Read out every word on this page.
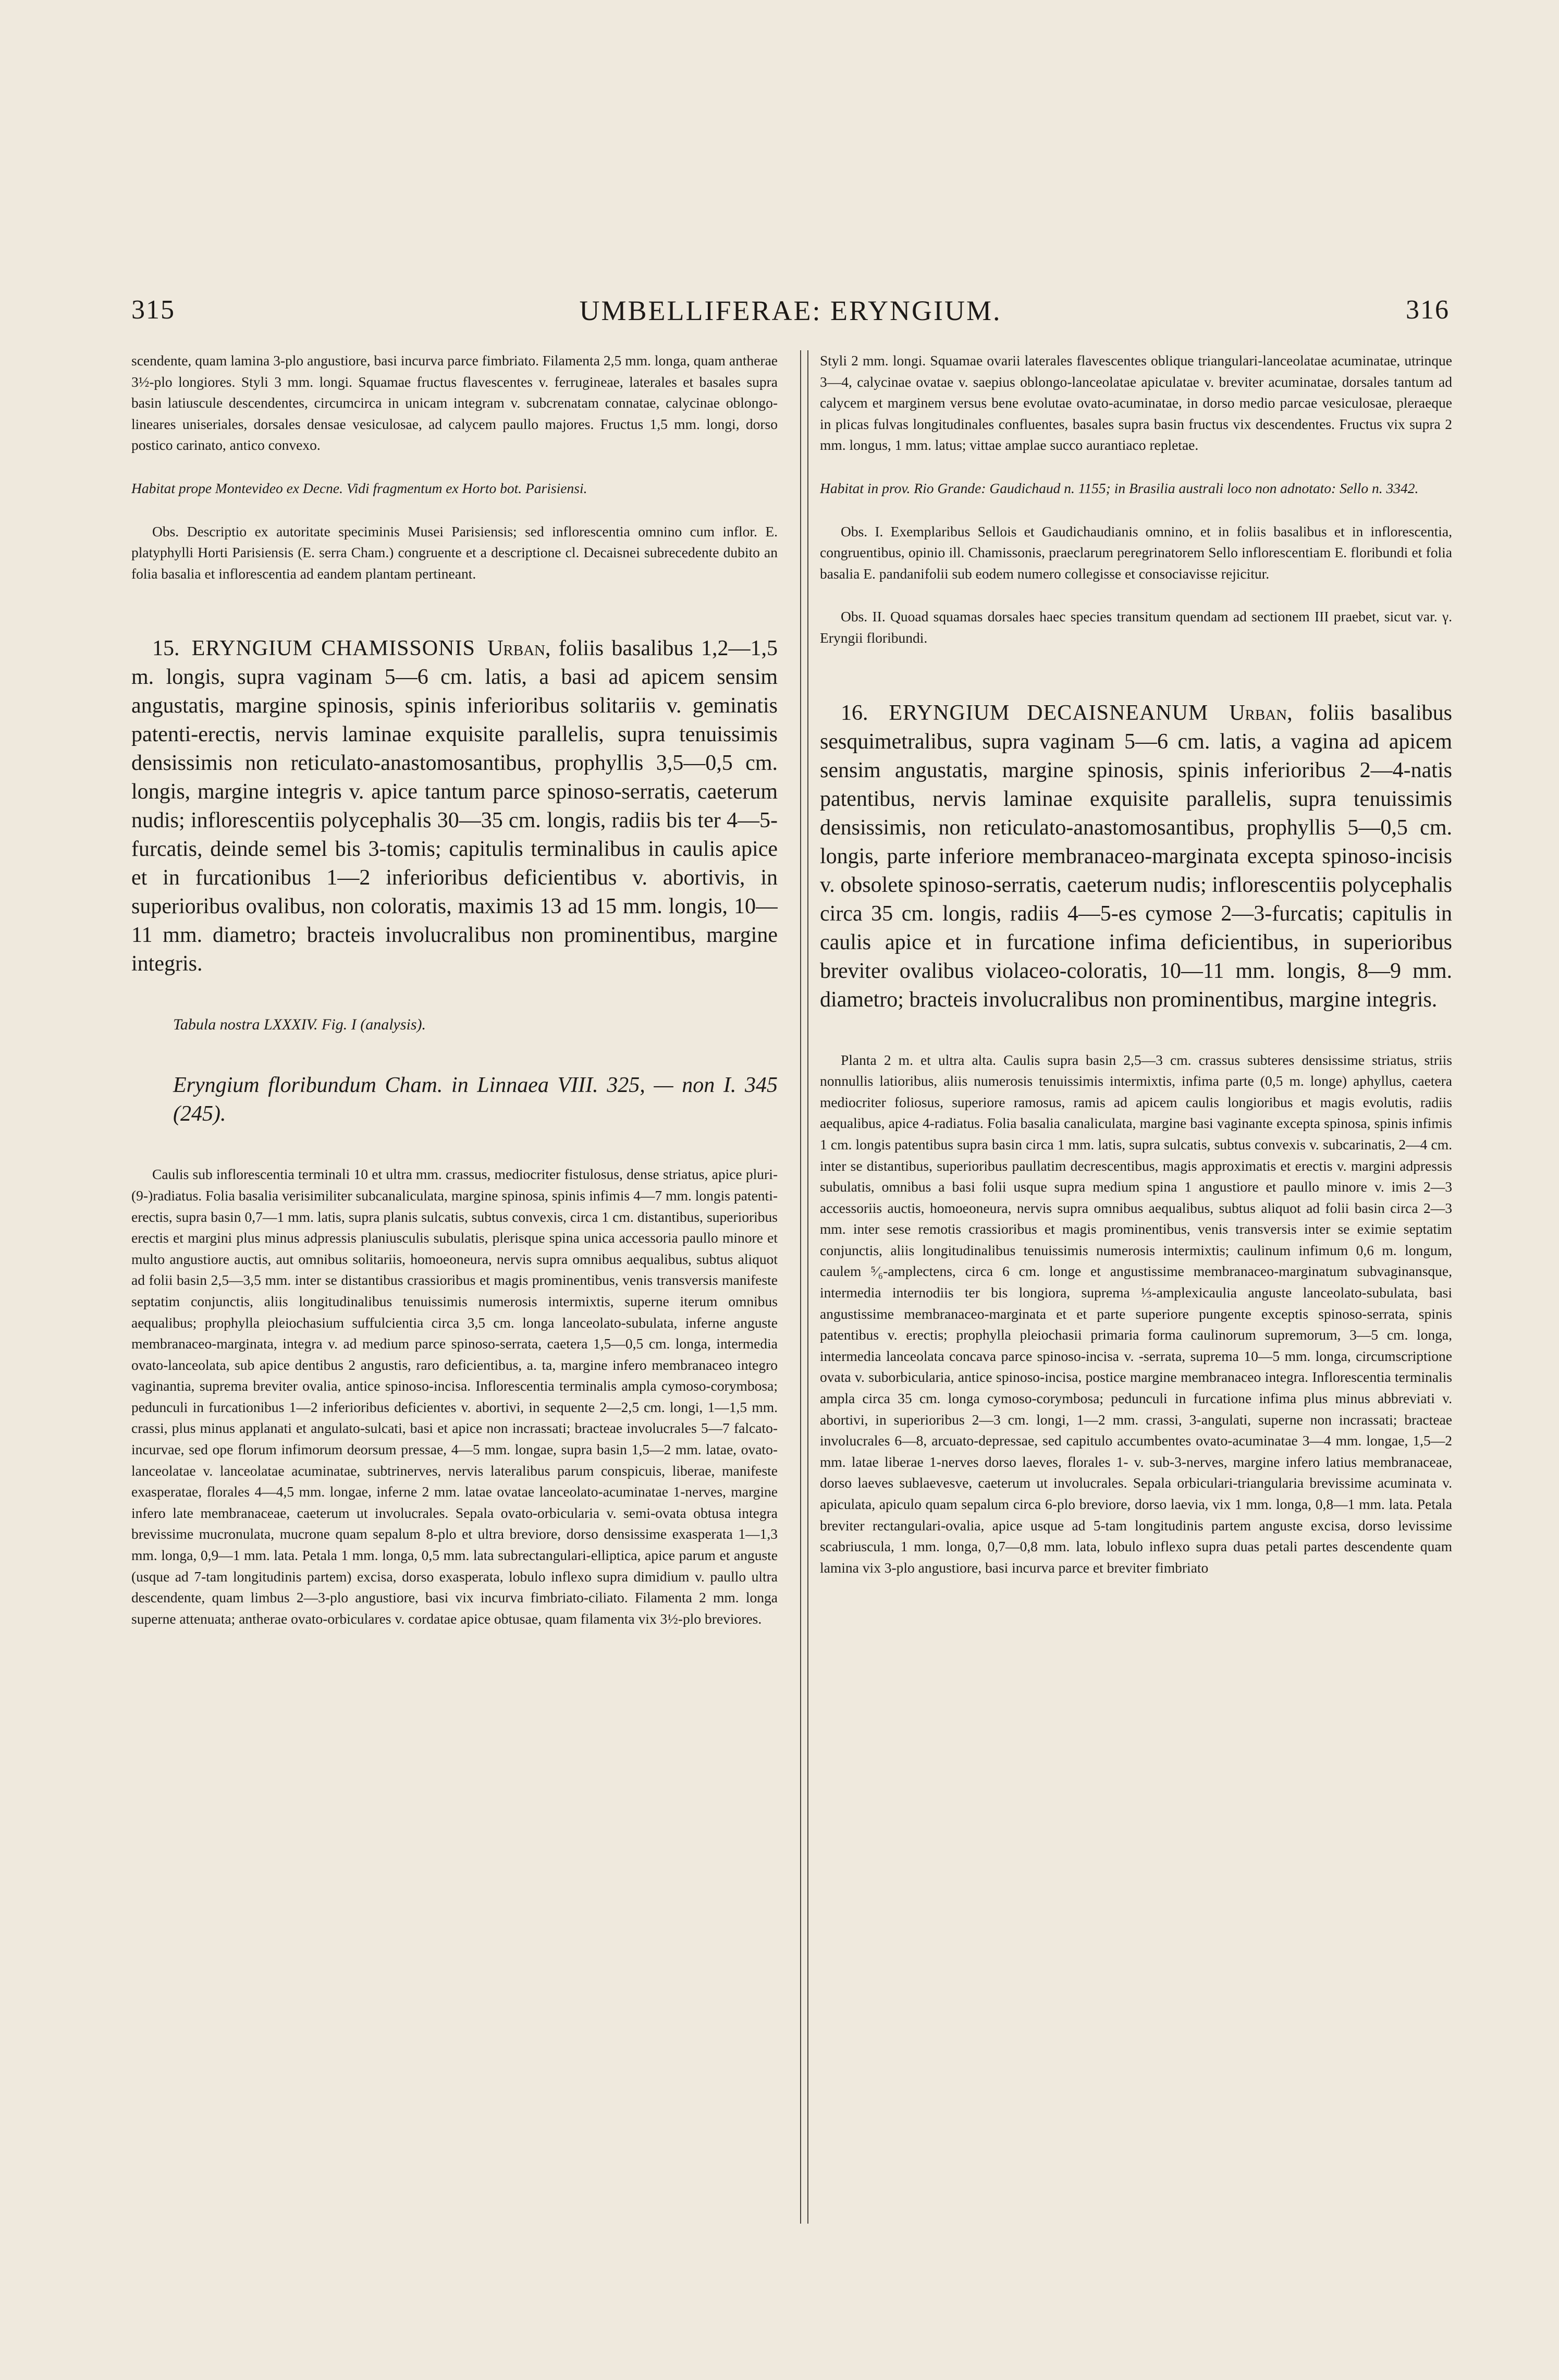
315	UMBELLIFERAE: ERYNGIUM.	316

scendente, quam lamina 3-plo angustiore, basi incurva parce fimbriato. Filamenta 2,5 mm. longa, quam antherae 3½-plo longiores. Styli 3 mm. longi. Squamae fructus flavescentes v. ferrugineae, laterales et basales supra basin latiuscule descendentes, circumcirca in unicam integram v. subcrenatam connatae, calycinae oblongo-lineares uniseriales, dorsales densae vesiculosae, ad calycem paullo majores. Fructus 1,5 mm. longi, dorso postico carinato, antico convexo.

Habitat prope Montevideo ex Decne. Vidi fragmentum ex Horto bot. Parisiensi.

Obs. Descriptio ex autoritate speciminis Musei Parisiensis; sed inflorescentia omnino cum inflor. E. platyphylli Horti Parisiensis (E. serra Cham.) congruente et a descriptione cl. Decaisnei subrecedente dubito an folia basalia et inflorescentia ad eandem plantam pertineant.

15. ERYNGIUM CHAMISSONIS Urban, foliis basalibus 1,2—1,5 m. longis, supra vaginam 5—6 cm. latis, a basi ad apicem sensim angustatis, margine spinosis, spinis inferioribus solitariis v. geminatis patenti-erectis, nervis laminae exquisite parallelis, supra tenuissimis densissimis non reticulato-anastomosantibus, prophyllis 3,5—0,5 cm. longis, margine integris v. apice tantum parce spinoso-serratis, caeterum nudis; inflorescentiis polycephalis 30—35 cm. longis, radiis bis ter 4—5-furcatis, deinde semel bis 3-tomis; capitulis terminalibus in caulis apice et in furcationibus 1—2 inferioribus deficientibus v. abortivis, in superioribus ovalibus, non coloratis, maximis 13 ad 15 mm. longis, 10—11 mm. diametro; bracteis involucralibus non prominentibus, margine integris.

Tabula nostra LXXXIV. Fig. I (analysis).

Eryngium floribundum Cham. in Linnaea VIII. 325, — non I. 345 (245).

Caulis sub inflorescentia terminali 10 et ultra mm. crassus, mediocriter fistulosus, dense striatus, apice pluri-(9-)radiatus. Folia basalia verisimiliter subcanaliculata, margine spinosa, spinis infimis 4—7 mm. longis patenti-erectis, supra basin 0,7—1 mm. latis, supra planis sulcatis, subtus convexis, circa 1 cm. distantibus, superioribus erectis et margini plus minus adpressis planiusculis subulatis, plerisque spina unica accessoria paullo minore et multo angustiore auctis, aut omnibus solitariis, homoeoneura, nervis supra omnibus aequalibus, subtus aliquot ad folii basin 2,5—3,5 mm. inter se distantibus crassioribus et magis prominentibus, venis transversis manifeste septatim conjunctis, aliis longitudinalibus tenuissimis numerosis intermixtis, superne iterum omnibus aequalibus; prophylla pleiochasium suffulcientia circa 3,5 cm. longa lanceolato-subulata, inferne anguste membranaceo-marginata, integra v. ad medium parce spinoso-serrata, caetera 1,5—0,5 cm. longa, intermedia ovato-lanceolata, sub apice dentibus 2 angustis, raro deficientibus, a. ta, margine infero membranaceo integro vaginantia, suprema breviter ovalia, antice spinoso-incisa. Inflorescentia terminalis ampla cymoso-corymbosa; pedunculi in furcationibus 1—2 inferioribus deficientes v. abortivi, in sequente 2—2,5 cm. longi, 1—1,5 mm. crassi, plus minus applanati et angulato-sulcati, basi et apice non incrassati; bracteae involucrales 5—7 falcato-incurvae, sed ope florum infimorum deorsum pressae, 4—5 mm. longae, supra basin 1,5—2 mm. latae, ovato-lanceolatae v. lanceolatae acuminatae, subtrinerves, nervis lateralibus parum conspicuis, liberae, manifeste exasperatae, florales 4—4,5 mm. longae, inferne 2 mm. latae ovatae lanceolato-acuminatae 1-nerves, margine infero late membranaceae, caeterum ut involucrales. Sepala ovato-orbicularia v. semi-ovata obtusa integra brevissime mucronulata, mucrone quam sepalum 8-plo et ultra breviore, dorso densissime exasperata 1—1,3 mm. longa, 0,9—1 mm. lata. Petala 1 mm. longa, 0,5 mm. lata subrectangulari-elliptica, apice parum et anguste (usque ad 7-tam longitudinis partem) excisa, dorso exasperata, lobulo inflexo supra dimidium v. paullo ultra descendente, quam limbus 2—3-plo angustiore, basi vix incurva fimbriato-ciliato. Filamenta 2 mm. longa superne attenuata; antherae ovato-orbiculares v. cordatae apice obtusae, quam filamenta vix 3½-plo breviores.

Styli 2 mm. longi. Squamae ovarii laterales flavescentes oblique triangulari-lanceolatae acuminatae, utrinque 3—4, calycinae ovatae v. saepius oblongo-lanceolatae apiculatae v. breviter acuminatae, dorsales tantum ad calycem et marginem versus bene evolutae ovato-acuminatae, in dorso medio parcae vesiculosae, pleraeque in plicas fulvas longitudinales confluentes, basales supra basin fructus vix descendentes. Fructus vix supra 2 mm. longus, 1 mm. latus; vittae amplae succo aurantiaco repletae.

Habitat in prov. Rio Grande: Gaudichaud n. 1155; in Brasilia australi loco non adnotato: Sello n. 3342.

Obs. I. Exemplaribus Sellois et Gaudichaudianis omnino, et in foliis basalibus et in inflorescentia, congruentibus, opinio ill. Chamissonis, praeclarum peregrinatorem Sello inflorescentiam E. floribundi et folia basalia E. pandanifolii sub eodem numero collegisse et consociavisse rejicitur.

Obs. II. Quoad squamas dorsales haec species transitum quendam ad sectionem III praebet, sicut var. γ. Eryngii floribundi.

16. ERYNGIUM DECAISNEANUM Urban, foliis basalibus sesquimetralibus, supra vaginam 5—6 cm. latis, a vagina ad apicem sensim angustatis, margine spinosis, spinis inferioribus 2—4-natis patentibus, nervis laminae exquisite parallelis, supra tenuissimis densissimis, non reticulato-anastomosantibus, prophyllis 5—0,5 cm. longis, parte inferiore membranaceo-marginata excepta spinoso-incisis v. obsolete spinoso-serratis, caeterum nudis; inflorescentiis polycephalis circa 35 cm. longis, radiis 4—5-es cymose 2—3-furcatis; capitulis in caulis apice et in furcatione infima deficientibus, in superioribus breviter ovalibus violaceo-coloratis, 10—11 mm. longis, 8—9 mm. diametro; bracteis involucralibus non prominentibus, margine integris.

Planta 2 m. et ultra alta. Caulis supra basin 2,5—3 cm. crassus subteres densissime striatus, striis nonnullis latioribus, aliis numerosis tenuissimis intermixtis, infima parte (0,5 m. longe) aphyllus, caetera mediocriter foliosus, superiore ramosus, ramis ad apicem caulis longioribus et magis evolutis, radiis aequalibus, apice 4-radiatus. Folia basalia canaliculata, margine basi vaginante excepta spinosa, spinis infimis 1 cm. longis patentibus supra basin circa 1 mm. latis, supra sulcatis, subtus convexis v. subcarinatis, 2—4 cm. inter se distantibus, superioribus paullatim decrescentibus, magis approximatis et erectis v. margini adpressis subulatis, omnibus a basi folii usque supra medium spina 1 angustiore et paullo minore v. imis 2—3 accessoriis auctis, homoeoneura, nervis supra omnibus aequalibus, subtus aliquot ad folii basin circa 2—3 mm. inter sese remotis crassioribus et magis prominentibus, venis transversis inter se eximie septatim conjunctis, aliis longitudinalibus tenuissimis numerosis intermixtis; caulinum infimum 0,6 m. longum, caulem ⁵⁄₆-amplectens, circa 6 cm. longe et angustissime membranaceo-marginatum subvaginansque, intermedia internodiis ter bis longiora, suprema ⅓-amplexicaulia anguste lanceolato-subulata, basi angustissime membranaceo-marginata et et parte superiore pungente exceptis spinoso-serrata, spinis patentibus v. erectis; prophylla pleiochasii primaria forma caulinorum supremorum, 3—5 cm. longa, intermedia lanceolata concava parce spinoso-incisa v. -serrata, suprema 10—5 mm. longa, circumscriptione ovata v. suborbicularia, antice spinoso-incisa, postice margine membranaceo integra. Inflorescentia terminalis ampla circa 35 cm. longa cymoso-corymbosa; pedunculi in furcatione infima plus minus abbreviati v. abortivi, in superioribus 2—3 cm. longi, 1—2 mm. crassi, 3-angulati, superne non incrassati; bracteae involucrales 6—8, arcuato-depressae, sed capitulo accumbentes ovato-acuminatae 3—4 mm. longae, 1,5—2 mm. latae liberae 1-nerves dorso laeves, florales 1- v. sub-3-nerves, margine infero latius membranaceae, dorso laeves sublaevesve, caeterum ut involucrales. Sepala orbiculari-triangularia brevissime acuminata v. apiculata, apiculo quam sepalum circa 6-plo breviore, dorso laevia, vix 1 mm. longa, 0,8—1 mm. lata. Petala breviter rectangulari-ovalia, apice usque ad 5-tam longitudinis partem anguste excisa, dorso levissime scabriuscula, 1 mm. longa, 0,7—0,8 mm. lata, lobulo inflexo supra duas petali partes descendente quam lamina vix 3-plo angustiore, basi incurva parce et breviter fimbriato
